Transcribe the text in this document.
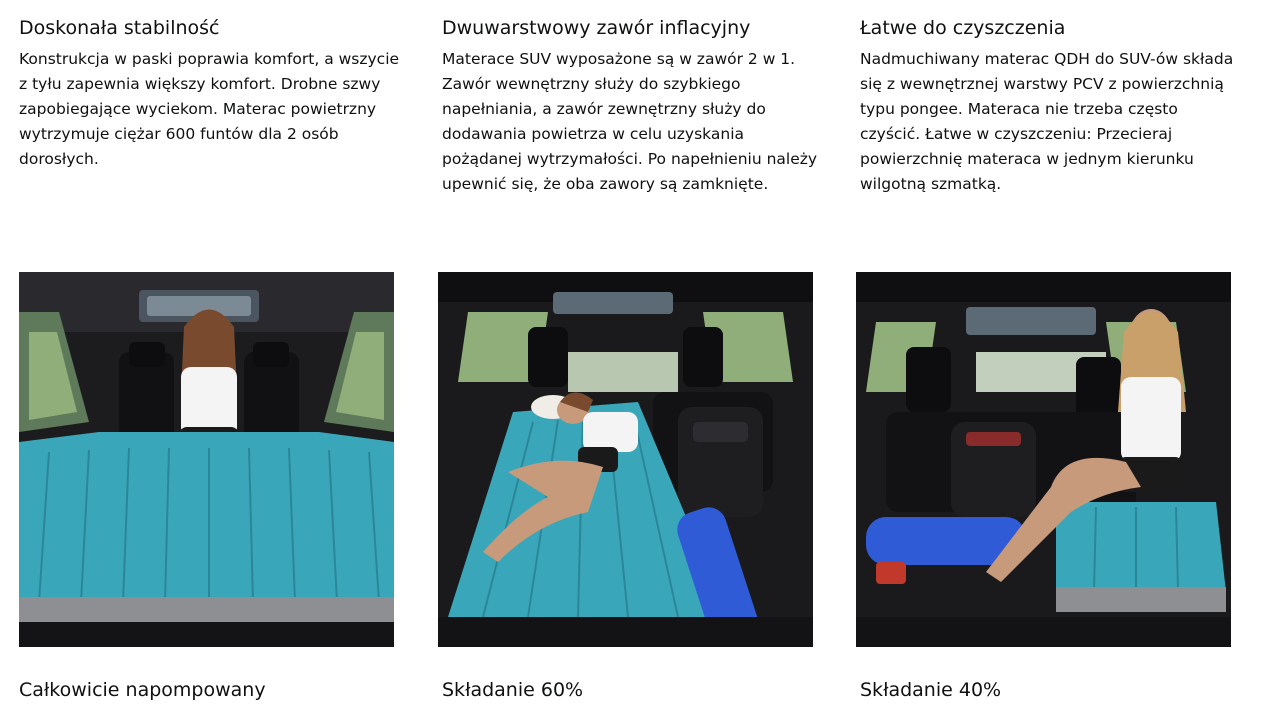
Doskonała stabilność

Konstrukcja w paski poprawia komfort, a wszycie z tyłu zapewnia większy komfort. Drobne szwy zapobiegające wyciekom. Materac powietrzny wytrzymuje ciężar 600 funtów dla 2 osób dorosłych.

Dwuwarstwowy zawór inflacyjny

Materace SUV wyposażone są w zawór 2 w 1. Zawór wewnętrzny służy do szybkiego napełniania, a zawór zewnętrzny służy do dodawania powietrza w celu uzyskania pożądanej wytrzymałości. Po napełnieniu należy upewnić się, że oba zawory są zamknięte.

Łatwe do czyszczenia

Nadmuchiwany materac QDH do SUV-ów składa się z wewnętrznej warstwy PCV z powierzchnią typu pongee. Materaca nie trzeba często czyścić. Łatwe w czyszczeniu: Przecieraj powierzchnię materaca w jednym kierunku wilgotną szmatką.

Całkowicie napompowany	Składanie 60%	Składanie 40%
